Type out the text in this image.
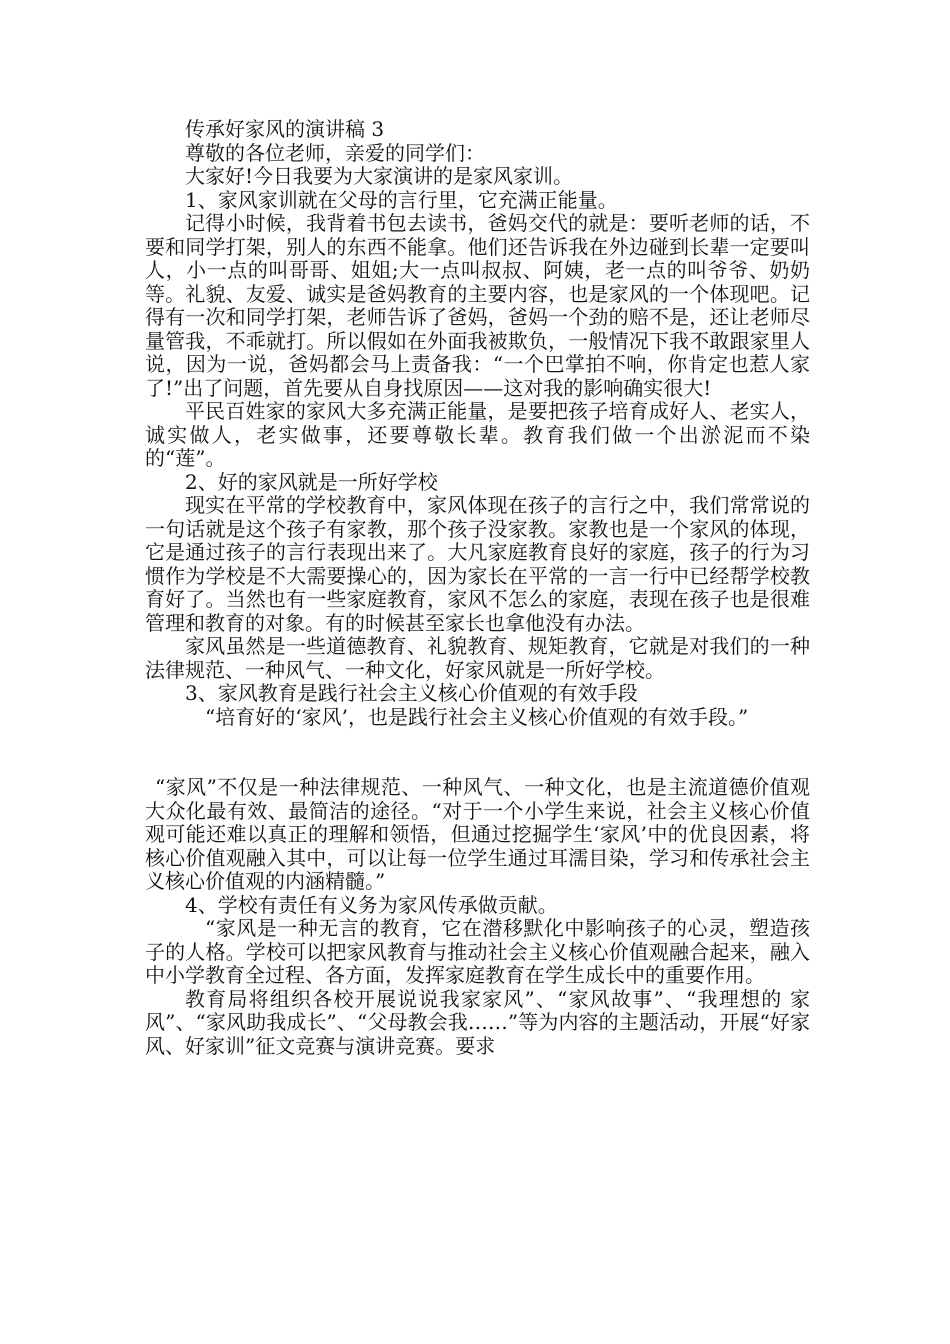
传承好家风的演讲稿 3

尊敬的各位老师，亲爱的同学们：

大家好!今日我要为大家演讲的是家风家训。

1、家风家训就在父母的言行里，它充满正能量。

记得小时候，我背着书包去读书，爸妈交代的就是：要听老师的话，不要和同学打架，别人的东西不能拿。他们还告诉我在外边碰到长辈一定要叫人，小一点的叫哥哥、姐姐;大一点叫叔叔、阿姨，老一点的叫爷爷、奶奶等。礼貌、友爱、诚实是爸妈教育的主要内容，也是家风的一个体现吧。记得有一次和同学打架，老师告诉了爸妈，爸妈一个劲的赔不是，还让老师尽量管我，不乖就打。所以假如在外面我被欺负，一般情况下我不敢跟家里人说，因为一说，爸妈都会马上责备我：“一个巴掌拍不响，你肯定也惹人家了!”出了问题，首先要从自身找原因——这对我的影响确实很大!

平民百姓家的家风大多充满正能量，是要把孩子培育成好人、老实人，诚实做人，老实做事，还要尊敬长辈。教育我们做一个出淤泥而不染的“莲”。

2、好的家风就是一所好学校

现实在平常的学校教育中，家风体现在孩子的言行之中，我们常常说的一句话就是这个孩子有家教，那个孩子没家教。家教也是一个家风的体现，它是通过孩子的言行表现出来了。大凡家庭教育良好的家庭，孩子的行为习惯作为学校是不大需要操心的，因为家长在平常的一言一行中已经帮学校教育好了。当然也有一些家庭教育，家风不怎么的家庭，表现在孩子也是很难管理和教育的对象。有的时候甚至家长也拿他没有办法。

家风虽然是一些道德教育、礼貌教育、规矩教育，它就是对我们的一种法律规范、一种风气、一种文化，好家风就是一所好学校。

3、家风教育是践行社会主义核心价值观的有效手段

“培育好的‘家风’，也是践行社会主义核心价值观的有效手段。”

“家风”不仅是一种法律规范、一种风气、一种文化，也是主流道德价值观大众化最有效、最简洁的途径。“对于一个小学生来说，社会主义核心价值观可能还难以真正的理解和领悟，但通过挖掘学生‘家风’中的优良因素，将核心价值观融入其中，可以让每一位学生通过耳濡目染，学习和传承社会主义核心价值观的内涵精髓。”

4、学校有责任有义务为家风传承做贡献。

“家风是一种无言的教育，它在潜移默化中影响孩子的心灵，塑造孩子的人格。学校可以把家风教育与推动社会主义核心价值观融合起来，融入中小学教育全过程、各方面，发挥家庭教育在学生成长中的重要作用。

教育局将组织各校开展说说我家家风”、“家风故事”、“我理想的 家风”、“家风助我成长”、“父母教会我……”等为内容的主题活动，开展“好家风、好家训”征文竞赛与演讲竞赛。要求
